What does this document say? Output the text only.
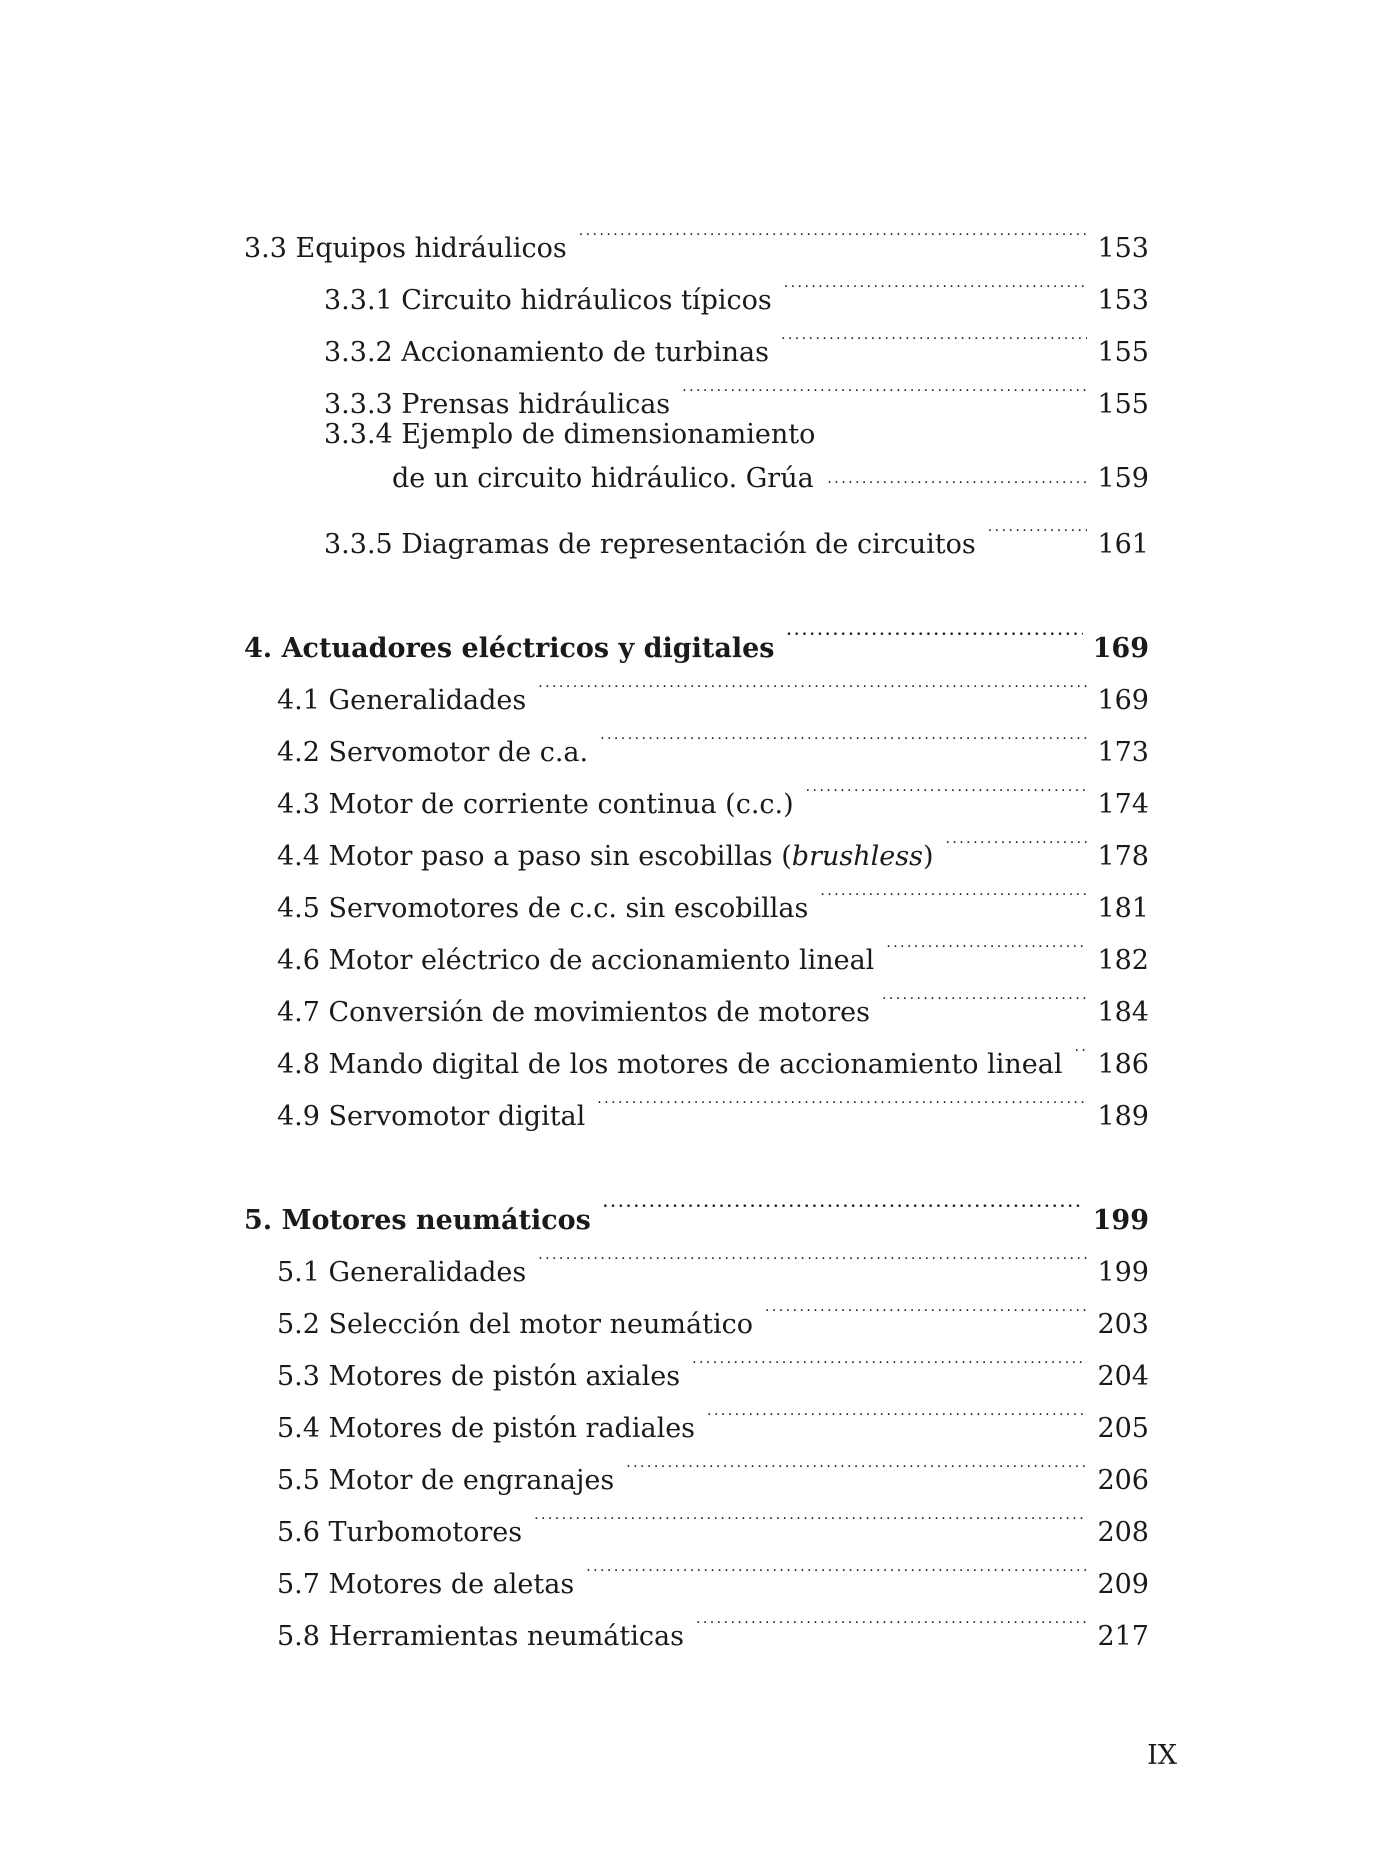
3.3 Equipos hidráulicos . . .	153
3.3.1 Circuito hidráulicos típicos . . .	153
3.3.2 Accionamiento de turbinas . . .	155
3.3.3 Prensas hidráulicas . . .	155
3.3.4 Ejemplo de dimensionamiento
de un circuito hidráulico. Grúa . . .	159
3.3.5 Diagramas de representación de circuitos . . .	161
4. Actuadores eléctricos y digitales . . .	169
4.1 Generalidades . . .	169
4.2 Servomotor de c.a. . . .	173
4.3 Motor de corriente continua (c.c.) . . .	174
4.4 Motor paso a paso sin escobillas (brushless) . . .	178
4.5 Servomotores de c.c. sin escobillas . . .	181
4.6 Motor eléctrico de accionamiento lineal . . .	182
4.7 Conversión de movimientos de motores . . .	184
4.8 Mando digital de los motores de accionamiento lineal . . . 186
4.9 Servomotor digital . . .	189
5. Motores neumáticos . . .	199
5.1 Generalidades . . .	199
5.2 Selección del motor neumático . . .	203
5.3 Motores de pistón axiales . . .	204
5.4 Motores de pistón radiales . . .	205
5.5 Motor de engranajes . . .	206
5.6 Turbomotores . . .	208
5.7 Motores de aletas . . .	209
5.8 Herramientas neumáticas . . .	217
IX
